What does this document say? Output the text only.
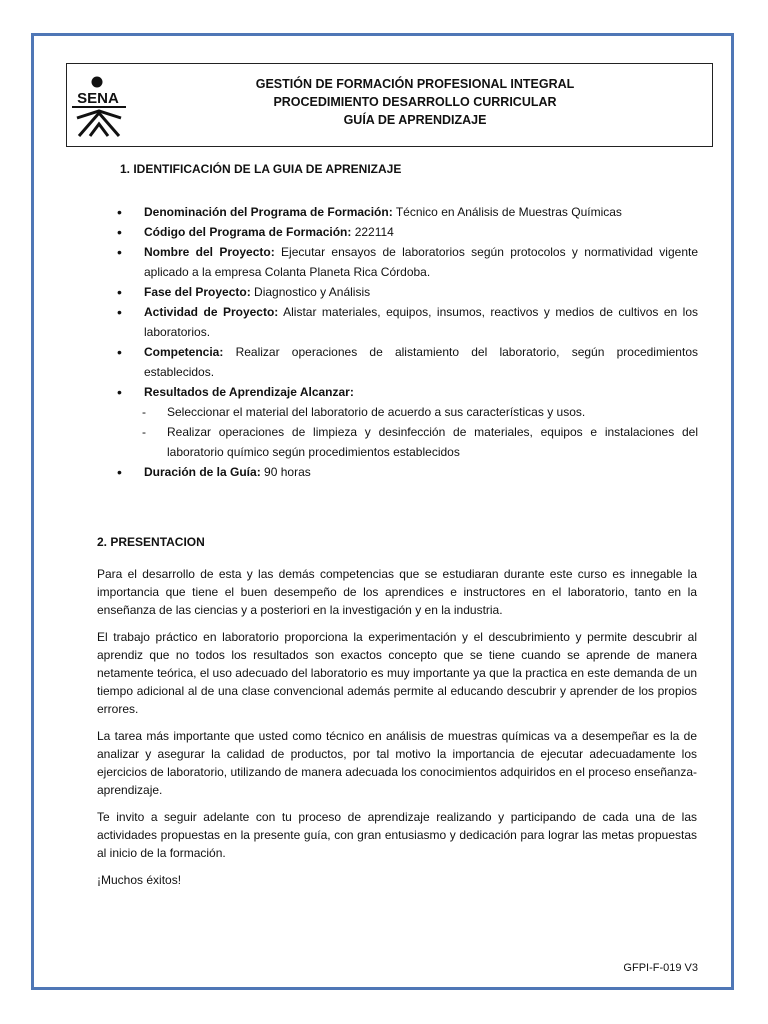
SENA
GESTIÓN DE FORMACIÓN PROFESIONAL INTEGRAL
PROCEDIMIENTO DESARROLLO CURRICULAR
GUÍA DE APRENDIZAJE
1. IDENTIFICACIÓN DE LA GUIA DE APRENIZAJE
• Denominación del Programa de Formación: Técnico en Análisis de Muestras Químicas
• Código del Programa de Formación: 222114
• Nombre del Proyecto: Ejecutar ensayos de laboratorios según protocolos y normatividad vigente aplicado a la empresa Colanta Planeta Rica Córdoba.
• Fase del Proyecto: Diagnostico y Análisis
• Actividad de Proyecto: Alistar materiales, equipos, insumos, reactivos y medios de cultivos en los laboratorios.
• Competencia: Realizar operaciones de alistamiento del laboratorio, según procedimientos establecidos.
• Resultados de Aprendizaje Alcanzar:
- Seleccionar el material del laboratorio de acuerdo a sus características y usos.
- Realizar operaciones de limpieza y desinfección de materiales, equipos e instalaciones del laboratorio químico según procedimientos establecidos
• Duración de la Guía: 90 horas
2. PRESENTACION

Para el desarrollo de esta y las demás competencias que se estudiaran durante este curso es innegable la importancia que tiene el buen desempeño de los aprendices e instructores en el laboratorio, tanto en la enseñanza de las ciencias y a posteriori en la investigación y en la industria.

El trabajo práctico en laboratorio proporciona la experimentación y el descubrimiento y permite descubrir al aprendiz que no todos los resultados son exactos concepto que se tiene cuando se aprende de manera netamente teórica, el uso adecuado del laboratorio es muy importante ya que la practica en este demanda de un tiempo adicional al de una clase convencional además permite al educando descubrir y aprender de los propios errores.

La tarea más importante que usted como técnico en análisis de muestras químicas va a desempeñar es la de analizar y asegurar la calidad de productos, por tal motivo la importancia de ejecutar adecuadamente los ejercicios de laboratorio, utilizando de manera adecuada los conocimientos adquiridos en el proceso enseñanza-aprendizaje.

Te invito a seguir adelante con tu proceso de aprendizaje realizando y participando de cada una de las actividades propuestas en la presente guía, con gran entusiasmo y dedicación para lograr las metas propuestas al inicio de la formación.

¡Muchos éxitos!

GFPI-F-019 V3
